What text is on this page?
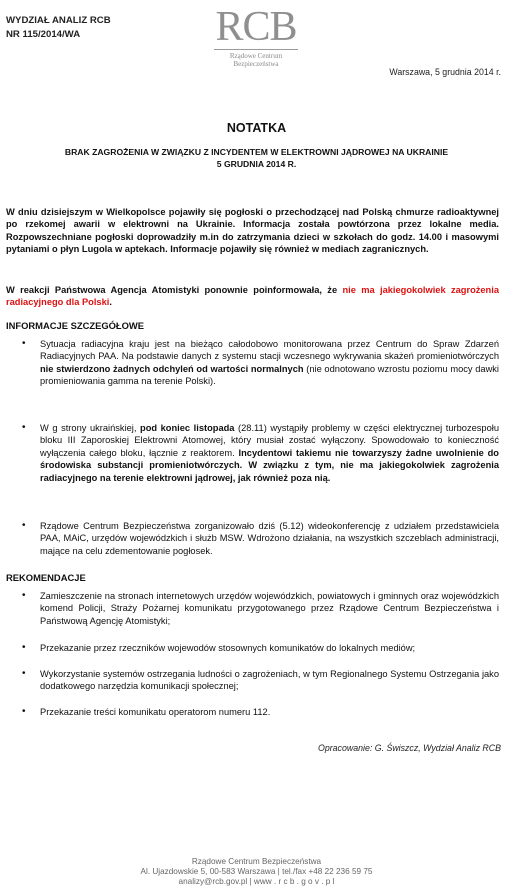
WYDZIAŁ ANALIZ RCB
NR 115/2014/WA	RCB
Rządowe Centrum
Bezpieczeństwa
Warszawa, 5 grudnia 2014 r.
NOTATKA
BRAK ZAGROŻENIA W ZWIĄZKU Z INCYDENTEM W ELEKTROWNI JĄDROWEJ NA UKRAINIE
5 GRUDNIA 2014 R.
W dniu dzisiejszym w Wielkopolsce pojawiły się pogłoski o przechodzącej nad Polską chmurze radioaktywnej po rzekomej awarii w elektrowni na Ukrainie. Informacja została powtórzona przez lokalne media. Rozpowszechniane pogłoski doprowadziły m.in do zatrzymania dzieci w szkołach do godz. 14.00 i masowymi pytaniami o płyn Lugola w aptekach. Informacje pojawiły się również w mediach zagranicznych.
W reakcji Państwowa Agencja Atomistyki ponownie poinformowała, że nie ma jakiegokolwiek zagrożenia radiacyjnego dla Polski.
INFORMACJE SZCZEGÓŁOWE
• Sytuacja radiacyjna kraju jest na bieżąco całodobowo monitorowana przez Centrum do Spraw Zdarzeń Radiacyjnych PAA. Na podstawie danych z systemu stacji wczesnego wykrywania skażeń promieniotwórczych nie stwierdzono żadnych odchyleń od wartości normalnych (nie odnotowano wzrostu poziomu mocy dawki promieniowania gamma na terenie Polski).
• W g strony ukraińskiej, pod koniec listopada (28.11) wystąpiły problemy w części elektrycznej turbozespołu bloku III Zaporoskiej Elektrowni Atomowej, który musiał zostać wyłączony. Spowodowało to konieczność wyłączenia całego bloku, łącznie z reaktorem. Incydentowi takiemu nie towarzyszy żadne uwolnienie do środowiska substancji promieniotwórczych. W związku z tym, nie ma jakiegokolwiek zagrożenia radiacyjnego na terenie elektrowni jądrowej, jak również poza nią.
• Rządowe Centrum Bezpieczeństwa zorganizowało dziś (5.12) wideokonferencję z udziałem przedstawiciela PAA, MAiC, urzędów wojewódzkich i służb MSW. Wdrożono działania, na wszystkich szczeblach administracji, mające na celu zdementowanie pogłosek.
REKOMENDACJE
• Zamieszczenie na stronach internetowych urzędów wojewódzkich, powiatowych i gminnych oraz wojewódzkich komend Policji, Straży Pożarnej komunikatu przygotowanego przez Rządowe Centrum Bezpieczeństwa i Państwową Agencję Atomistyki;
• Przekazanie przez rzeczników wojewodów stosownych komunikatów do lokalnych mediów;
• Wykorzystanie systemów ostrzegania ludności o zagrożeniach, w tym Regionalnego Systemu Ostrzegania jako dodatkowego narzędzia komunikacji społecznej;
• Przekazanie treści komunikatu operatorom numeru 112.
Opracowanie: G. Świszcz, Wydział Analiz RCB
Rządowe Centrum Bezpieczeństwa
Al. Ujazdowskie 5, 00-583 Warszawa | tel./fax +48 22 236 59 75
analizy@rcb.gov.pl | www . r c b . g o v . p l
